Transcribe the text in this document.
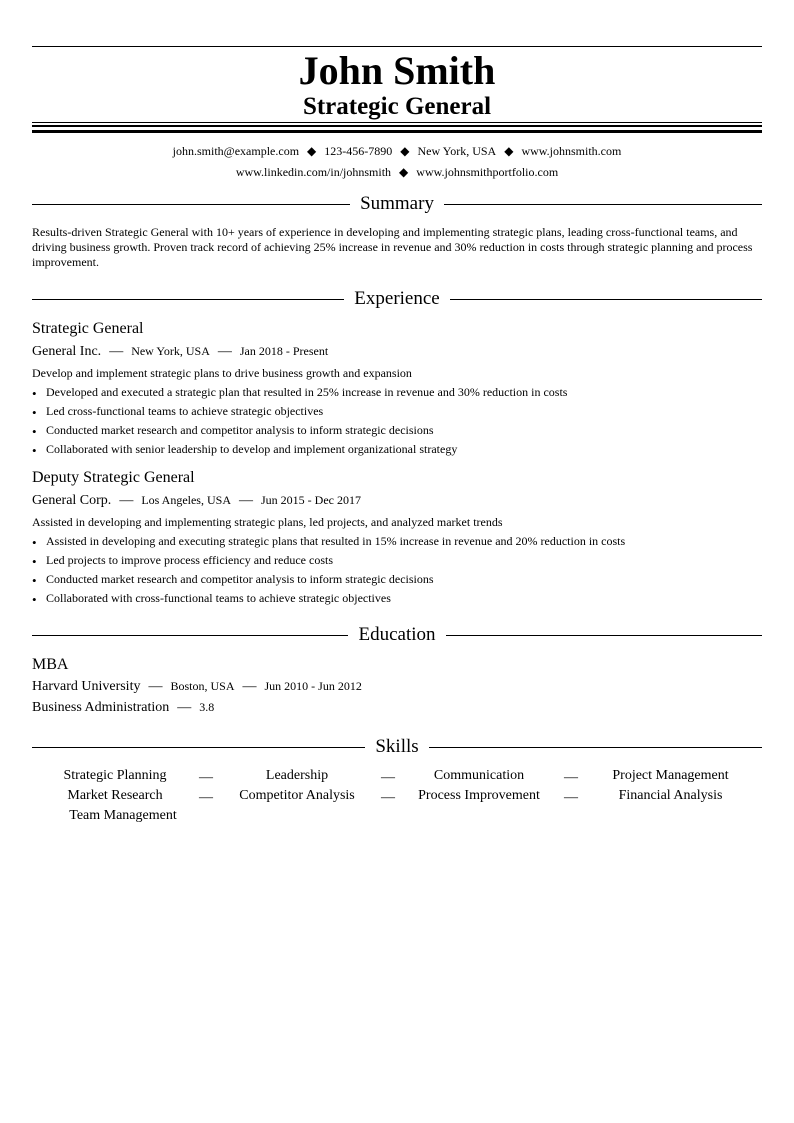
John Smith
Strategic General
john.smith@example.com ◆ 123-456-7890 ◆ New York, USA ◆ www.johnsmith.com
www.linkedin.com/in/johnsmith ◆ www.johnsmithportfolio.com
Summary
Results-driven Strategic General with 10+ years of experience in developing and implementing strategic plans, leading cross-functional teams, and driving business growth. Proven track record of achieving 25% increase in revenue and 30% reduction in costs through strategic planning and process improvement.
Experience
Strategic General
General Inc. — New York, USA — Jan 2018 - Present
Develop and implement strategic plans to drive business growth and expansion
• Developed and executed a strategic plan that resulted in 25% increase in revenue and 30% reduction in costs
• Led cross-functional teams to achieve strategic objectives
• Conducted market research and competitor analysis to inform strategic decisions
• Collaborated with senior leadership to develop and implement organizational strategy
Deputy Strategic General
General Corp. — Los Angeles, USA — Jun 2015 - Dec 2017
Assisted in developing and implementing strategic plans, led projects, and analyzed market trends
• Assisted in developing and executing strategic plans that resulted in 15% increase in revenue and 20% reduction in costs
• Led projects to improve process efficiency and reduce costs
• Conducted market research and competitor analysis to inform strategic decisions
• Collaborated with cross-functional teams to achieve strategic objectives
Education
MBA
Harvard University — Boston, USA — Jun 2010 - Jun 2012
Business Administration — 3.8
Skills
Strategic Planning	—	Leadership	—	Communication	—	Project Management
Market Research	—	Competitor Analysis	—	Process Improvement	—	Financial Analysis
Team Management
